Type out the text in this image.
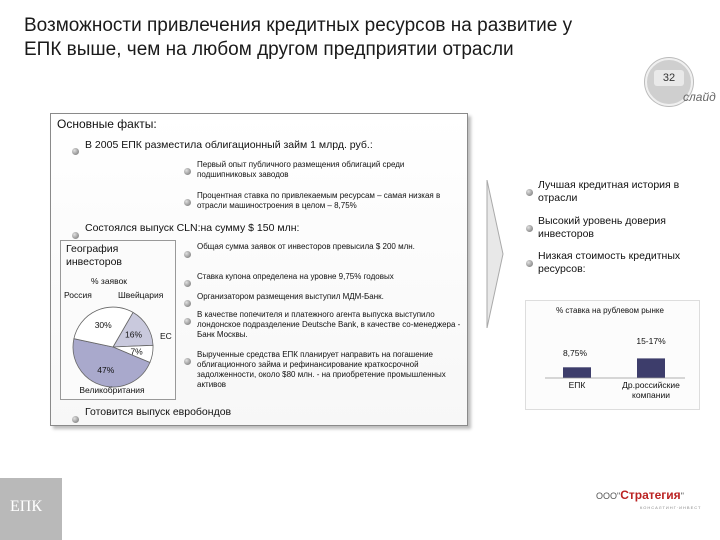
Возможности привлечения кредитных ресурсов на развитие у
ЕПК выше, чем на любом другом предприятии отрасли
32
слайд
Основные факты:
В 2005 ЕПК разместила облигационный займ 1 млрд. руб.:
Первый опыт публичного размещения облигаций среди подшипниковых заводов
Процентная ставка по привлекаемым ресурсам – самая низкая в отрасли машиностроения в целом – 8,75%
Состоялся выпуск CLN:на сумму $ 150 млн:
Общая сумма заявок от инвесторов превысила $ 200 млн.
Ставка купона определена на уровне 9,75% годовых
Организатором размещения выступил МДМ-Банк.
В качестве попечителя и платежного агента выпуска выступило лондонское подразделение Deutsche Bank, в качестве со-менеджера - Банк Москвы.
Вырученные средства ЕПК планирует направить на погашение облигационного займа и рефинансирование краткосрочной задолженности, около $80 млн. - на приобретение промышленных активов
Готовится выпуск евробондов
География инвесторов
% заявок
30%
16%
7%
47%
Россия	Швейцария
ЕС
Великобритания
Лучшая кредитная история в отрасли
Высокий уровень доверия инвесторов
Низкая стоимость кредитных ресурсов:
% ставка на рублевом рынке
8,75%
15-17%
ЕПК	Др.российские
компании
ЕПК
ООО"Стратегия"
КОНСАЛТИНГ·ИНВЕСТ
